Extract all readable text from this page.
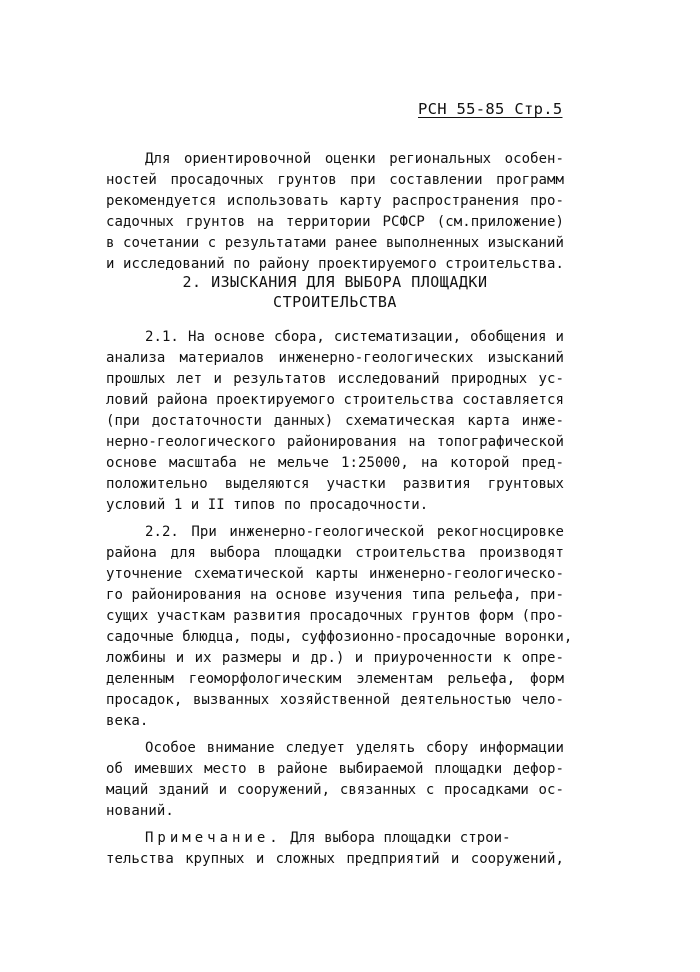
РСН 55-85 Стр.5
Для ориентировочной оценки региональных особен-
ностей просадочных грунтов при составлении программ
рекомендуется использовать карту распространения про-
садочных грунтов на территории РСФСР (см.приложение)
в сочетании с результатами ранее выполненных изысканий
и исследований по району проектируемого строительства.
2. ИЗЫСКАНИЯ ДЛЯ ВЫБОРА ПЛОЩАДКИ
СТРОИТЕЛЬСТВА
2.1. На основе сбора, систематизации, обобщения и
анализа материалов инженерно-геологических изысканий
прошлых лет и результатов исследований природных ус-
ловий района проектируемого строительства составляется
(при достаточности данных) схематическая карта инже-
нерно-геологического районирования на топографической
основе масштаба не мельче 1:25000, на которой пред-
положительно выделяются участки развития грунтовых
условий 1 и II типов по просадочности.
2.2. При инженерно-геологической рекогносцировке
района для выбора площадки строительства производят
уточнение схематической карты инженерно-геологическо-
го районирования на основе изучения типа рельефа, при-
сущих участкам развития просадочных грунтов форм (про-
садочные блюдца, поды, суффозионно-просадочные воронки,
ложбины и их размеры и др.) и приуроченности к опре-
деленным геоморфологическим элементам рельефа, форм
просадок, вызванных хозяйственной деятельностью чело-
века.
Особое внимание следует уделять сбору информации
об имевших место в районе выбираемой площадки дефор-
маций зданий и сооружений, связанных с просадками ос-
нований.
Примечание. Для выбора площадки строи-
тельства крупных и сложных предприятий и сооружений,
